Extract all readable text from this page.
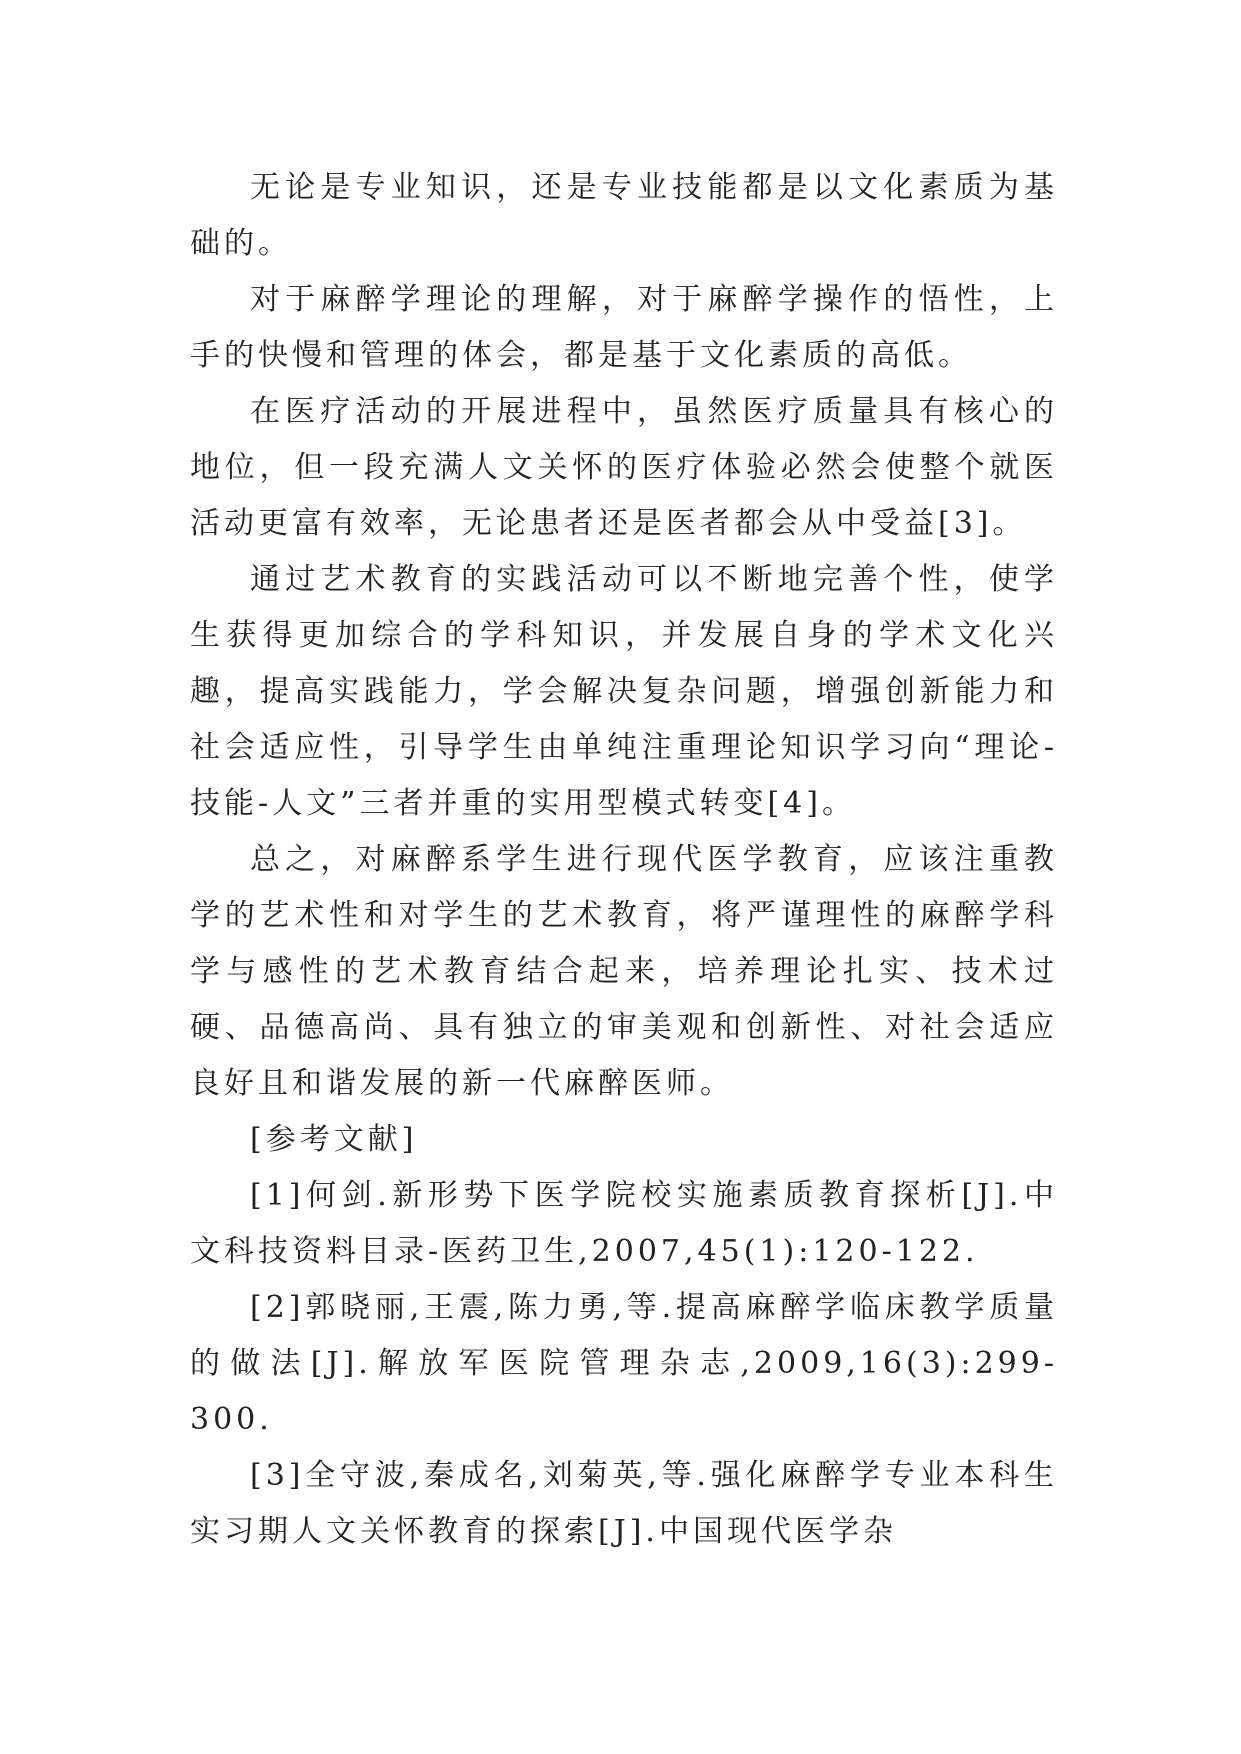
无论是专业知识，还是专业技能都是以文化素质为基础的。

对于麻醉学理论的理解，对于麻醉学操作的悟性，上手的快慢和管理的体会，都是基于文化素质的高低。

在医疗活动的开展进程中，虽然医疗质量具有核心的地位，但一段充满人文关怀的医疗体验必然会使整个就医活动更富有效率，无论患者还是医者都会从中受益[3]。

通过艺术教育的实践活动可以不断地完善个性，使学生获得更加综合的学科知识，并发展自身的学术文化兴趣，提高实践能力，学会解决复杂问题，增强创新能力和社会适应性，引导学生由单纯注重理论知识学习向“理论-技能-人文”三者并重的实用型模式转变[4]。

总之，对麻醉系学生进行现代医学教育，应该注重教学的艺术性和对学生的艺术教育，将严谨理性的麻醉学科学与感性的艺术教育结合起来，培养理论扎实、技术过硬、品德高尚、具有独立的审美观和创新性、对社会适应良好且和谐发展的新一代麻醉医师。

[参考文献]

[1]何剑.新形势下医学院校实施素质教育探析[J].中文科技资料目录-医药卫生,2007,45(1):120-122.

[2]郭晓丽,王震,陈力勇,等.提高麻醉学临床教学质量的做法[J].解放军医院管理杂志,2009,16(3):299-300.

[3]全守波,秦成名,刘菊英,等.强化麻醉学专业本科生实习期人文关怀教育的探索[J].中国现代医学杂
